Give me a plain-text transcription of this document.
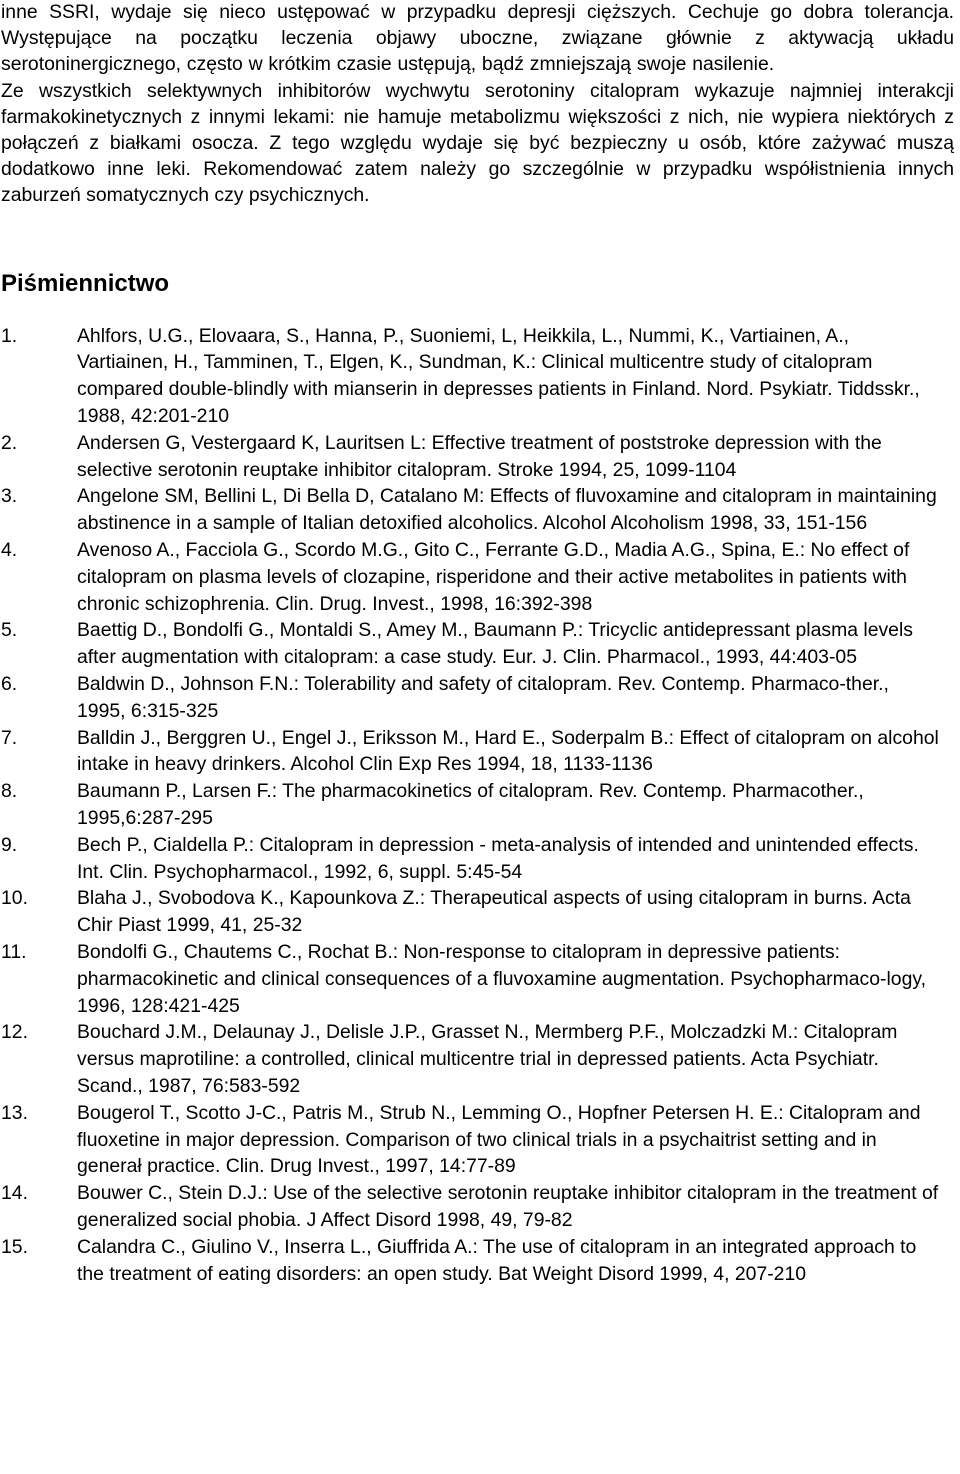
inne SSRI, wydaje się nieco ustępować w przypadku depresji cięższych. Cechuje go dobra tolerancja. Występujące na początku leczenia objawy uboczne, związane głównie z aktywacją układu serotoninergicznego, często w krótkim czasie ustępują, bądź zmniejszają swoje nasilenie.

Ze wszystkich selektywnych inhibitorów wychwytu serotoniny citalopram wykazuje najmniej interakcji farmakokinetycznych z innymi lekami: nie hamuje metabolizmu większości z nich, nie wypiera niektórych z połączeń z białkami osocza. Z tego względu wydaje się być bezpieczny u osób, które zażywać muszą dodatkowo inne leki. Rekomendować zatem należy go szczególnie w przypadku współistnienia innych zaburzeń somatycznych czy psychicznych.

Piśmiennictwo
1.	Ahlfors, U.G., Elovaara, S., Hanna, P., Suoniemi, L, Heikkila, L., Nummi, K., Vartiainen, A., Vartiainen, H., Tamminen, T., Elgen, K., Sundman, K.: Clinical multicentre study of citalopram compared double-blindly with mianserin in depresses patients in Finland. Nord. Psykiatr. Tiddsskr., 1988, 42:201-210
2.	Andersen G, Vestergaard K, Lauritsen L: Effective treatment of poststroke depression with the selective serotonin reuptake inhibitor citalopram. Stroke 1994, 25, 1099-1104
3.	Angelone SM, Bellini L, Di Bella D, Catalano M: Effects of fluvoxamine and citalopram in maintaining abstinence in a sample of Italian detoxified alcoholics. Alcohol Alcoholism 1998, 33, 151-156
4.	Avenoso A., Facciola G., Scordo M.G., Gito C., Ferrante G.D., Madia A.G., Spina, E.: No effect of citalopram on plasma levels of clozapine, risperidone and their active metabolites in patients with chronic schizophrenia. Clin. Drug. Invest., 1998, 16:392-398
5.	Baettig D., Bondolfi G., Montaldi S., Amey M., Baumann P.: Tricyclic antidepressant plasma levels after augmentation with citalopram: a case study. Eur. J. Clin. Pharmacol., 1993, 44:403-05
6.	Baldwin D., Johnson F.N.: Tolerability and safety of citalopram. Rev. Contemp. Pharmaco-ther., 1995, 6:315-325
7.	Balldin J., Berggren U., Engel J., Eriksson M., Hard E., Soderpalm B.: Effect of citalopram on alcohol intake in heavy drinkers. Alcohol Clin Exp Res 1994, 18, 1133-1136
8.	Baumann P., Larsen F.: The pharmacokinetics of citalopram. Rev. Contemp. Pharmacother., 1995,6:287-295
9.	Bech P., Cialdella P.: Citalopram in depression - meta-analysis of intended and unintended effects. Int. Clin. Psychopharmacol., 1992, 6, suppl. 5:45-54
10.	Blaha J., Svobodova K., Kapounkova Z.: Therapeutical aspects of using citalopram in burns. Acta Chir Piast 1999, 41, 25-32
11.	Bondolfi G., Chautems C., Rochat B.: Non-response to citalopram in depressive patients: pharmacokinetic and clinical consequences of a fluvoxamine augmentation. Psychopharmaco-logy, 1996, 128:421-425
12.	Bouchard J.M., Delaunay J., Delisle J.P., Grasset N., Mermberg P.F., Molczadzki M.: Citalopram versus maprotiline: a controlled, clinical multicentre trial in depressed patients. Acta Psychiatr. Scand., 1987, 76:583-592
13.	Bougerol T., Scotto J-C., Patris M., Strub N., Lemming O., Hopfner Petersen H. E.: Citalopram and fluoxetine in major depression. Comparison of two clinical trials in a psychaitrist setting and in generał practice. Clin. Drug Invest., 1997, 14:77-89
14.	Bouwer C., Stein D.J.: Use of the selective serotonin reuptake inhibitor citalopram in the treatment of generalized social phobia. J Affect Disord 1998, 49, 79-82
15.	Calandra C., Giulino V., Inserra L., Giuffrida A.: The use of citalopram in an integrated approach to the treatment of eating disorders: an open study. Bat Weight Disord 1999, 4, 207-210
